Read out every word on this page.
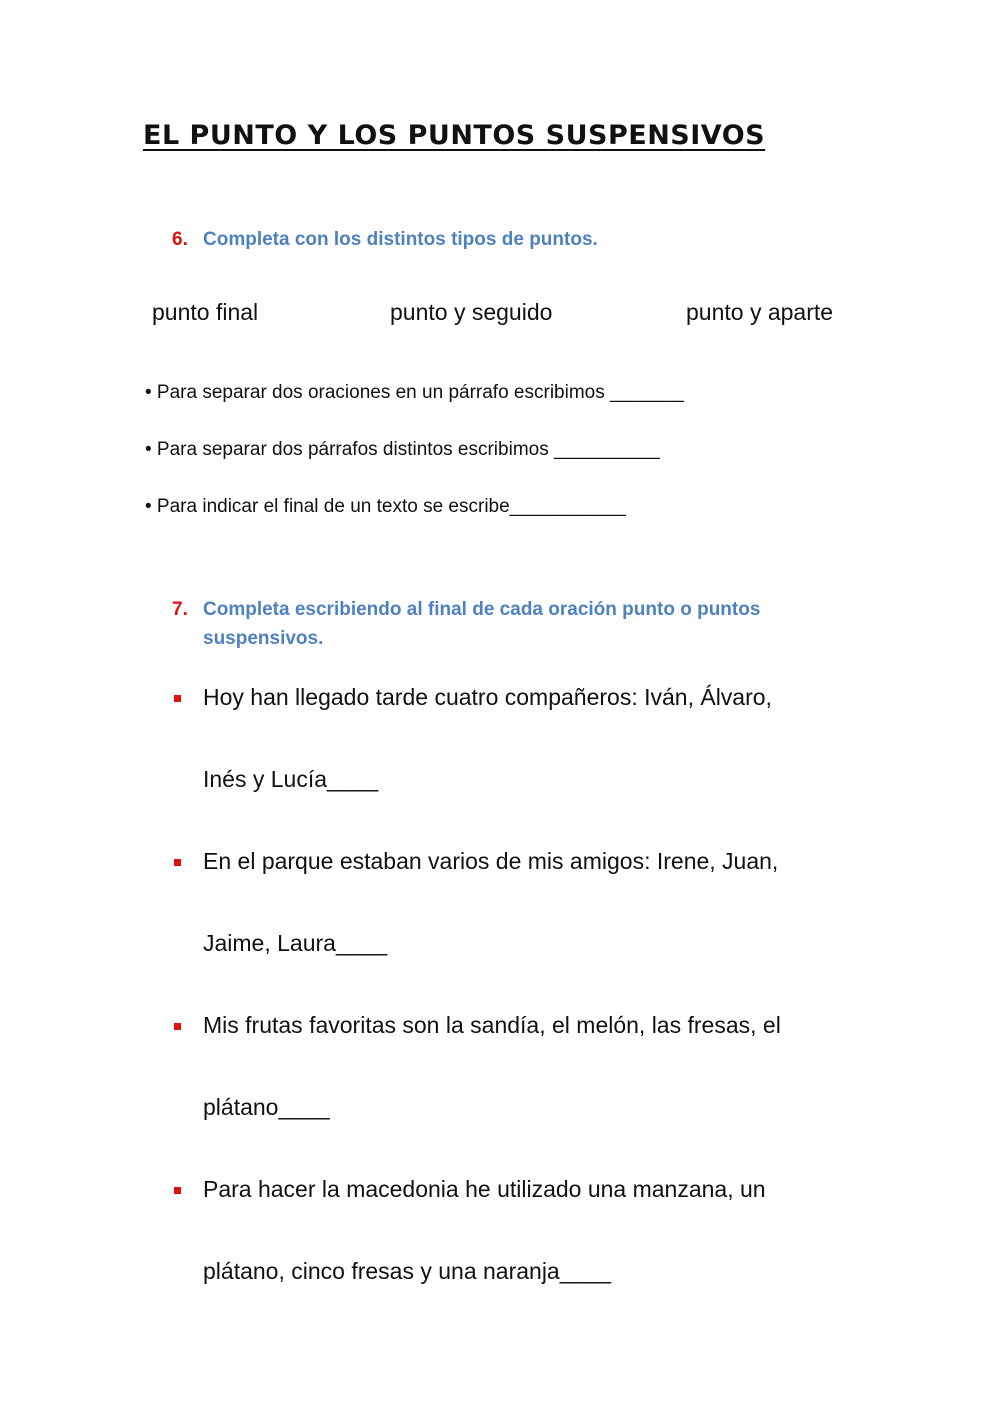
EL PUNTO Y LOS PUNTOS SUSPENSIVOS
6. Completa con los distintos tipos de puntos.
punto final	punto y seguido	punto y aparte
• Para separar dos oraciones en un párrafo escribimos _______
• Para separar dos párrafos distintos escribimos __________
• Para indicar el final de un texto se escribe___________
7. Completa escribiendo al final de cada oración punto o puntos
suspensivos.
Hoy han llegado tarde cuatro compañeros: Iván, Álvaro,
Inés y Lucía____
En el parque estaban varios de mis amigos: Irene, Juan,
Jaime, Laura____
Mis frutas favoritas son la sandía, el melón, las fresas, el
plátano____
Para hacer la macedonia he utilizado una manzana, un
plátano, cinco fresas y una naranja____
